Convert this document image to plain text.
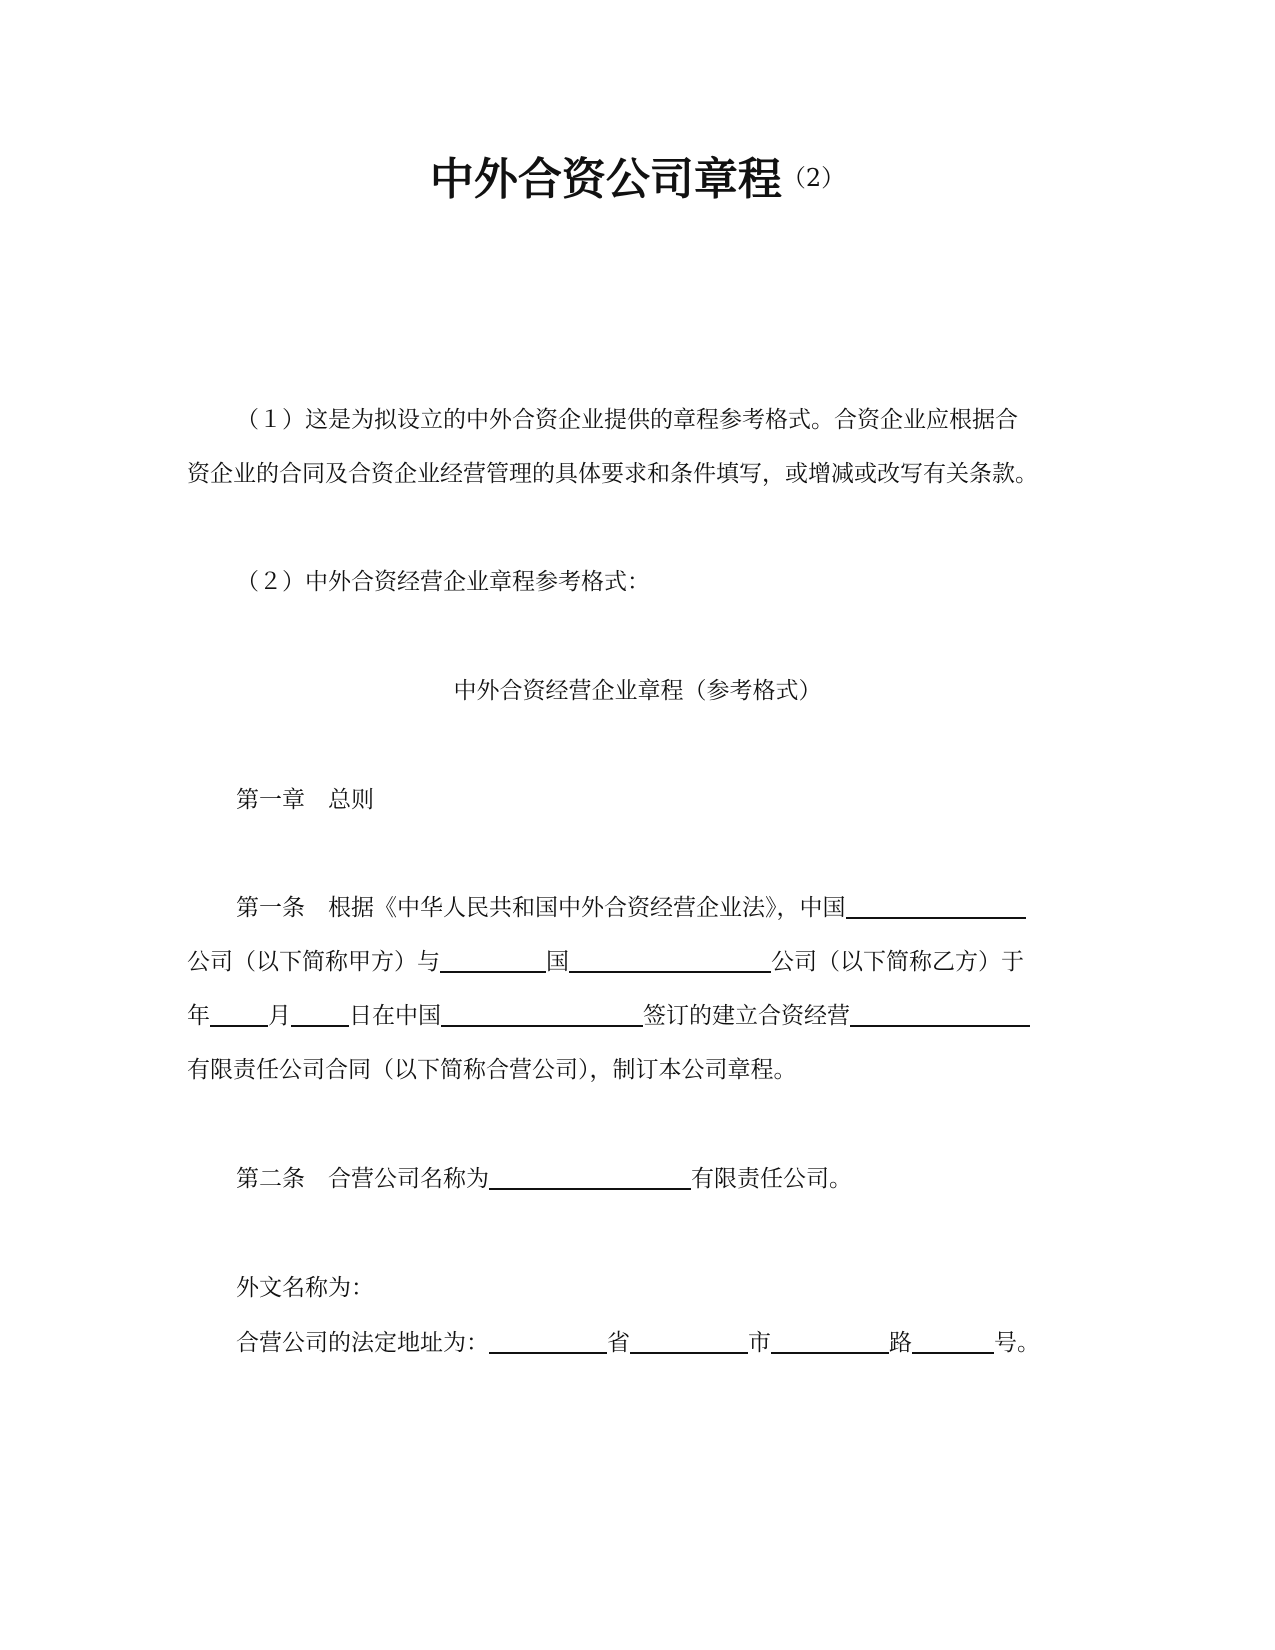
中外合资公司章程（2）
（１）这是为拟设立的中外合资企业提供的章程参考格式。合资企业应根据合
资企业的合同及合资企业经营管理的具体要求和条件填写，或增减或改写有关条款。
（２）中外合资经营企业章程参考格式：
中外合资经营企业章程（参考格式）
第一章　总则
第一条　根据《中华人民共和国中外合资经营企业法》，中国
公司（以下简称甲方）与	国	公司（以下简称乙方）于
年	月	日在中国	签订的建立合资经营
有限责任公司合同（以下简称合营公司），制订本公司章程。
第二条　合营公司名称为	有限责任公司。
外文名称为：
合营公司的法定地址为：	省	市	路	号。
